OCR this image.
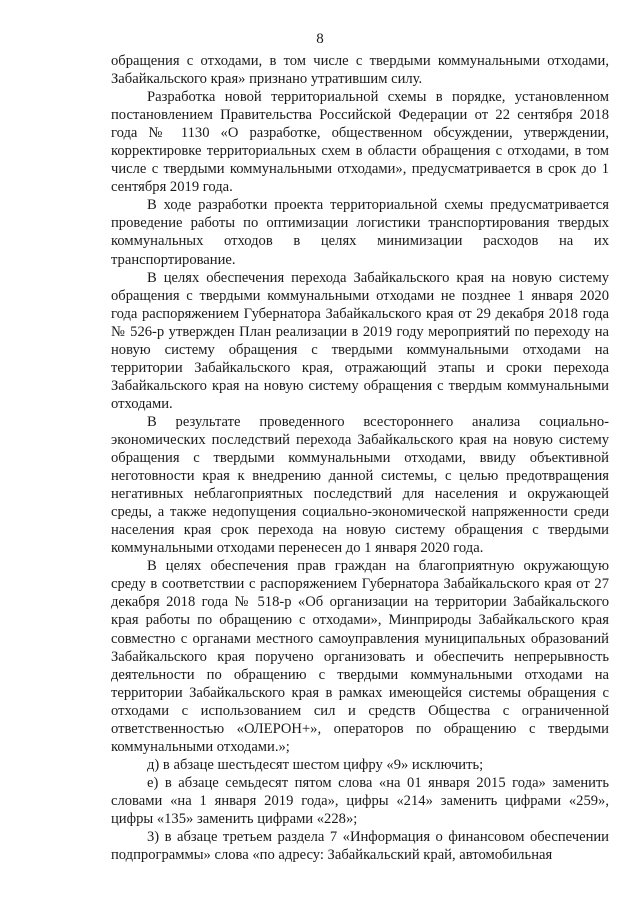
8

обращения с отходами, в том числе с твердыми коммунальными отходами, Забайкальского края» признано утратившим силу.

Разработка новой территориальной схемы в порядке, установленном постановлением Правительства Российской Федерации от 22 сентября 2018 года № 1130 «О разработке, общественном обсуждении, утверждении, корректировке территориальных схем в области обращения с отходами, в том числе с твердыми коммунальными отходами», предусматривается в срок до 1 сентября 2019 года.

В ходе разработки проекта территориальной схемы предусматривается проведение работы по оптимизации логистики транспортирования твердых коммунальных отходов в целях минимизации расходов на их транспортирование.

В целях обеспечения перехода Забайкальского края на новую систему обращения с твердыми коммунальными отходами не позднее 1 января 2020 года распоряжением Губернатора Забайкальского края от 29 декабря 2018 года № 526-р утвержден План реализации в 2019 году мероприятий по переходу на новую систему обращения с твердыми коммунальными отходами на территории Забайкальского края, отражающий этапы и сроки перехода Забайкальского края на новую систему обращения с твердым коммунальными отходами.

В результате проведенного всестороннего анализа социально-экономических последствий перехода Забайкальского края на новую систему обращения с твердыми коммунальными отходами, ввиду объективной неготовности края к внедрению данной системы, с целью предотвращения негативных неблагоприятных последствий для населения и окружающей среды, а также недопущения социально-экономической напряженности среди населения края срок перехода на новую систему обращения с твердыми коммунальными отходами перенесен до 1 января 2020 года.

В целях обеспечения прав граждан на благоприятную окружающую среду в соответствии с распоряжением Губернатора Забайкальского края от 27 декабря 2018 года № 518-р «Об организации на территории Забайкальского края работы по обращению с отходами», Минприроды Забайкальского края совместно с органами местного самоуправления муниципальных образований Забайкальского края поручено организовать и обеспечить непрерывность деятельности по обращению с твердыми коммунальными отходами на территории Забайкальского края в рамках имеющейся системы обращения с отходами с использованием сил и средств Общества с ограниченной ответственностью «ОЛЕРОН+», операторов по обращению с твердыми коммунальными отходами.»;

д) в абзаце шестьдесят шестом цифру «9» исключить;

е) в абзаце семьдесят пятом слова «на 01 января 2015 года» заменить словами «на 1 января 2019 года», цифры «214» заменить цифрами «259», цифры «135» заменить цифрами «228»;

3) в абзаце третьем раздела 7 «Информация о финансовом обеспечении подпрограммы» слова «по адресу: Забайкальский край, автомобильная
